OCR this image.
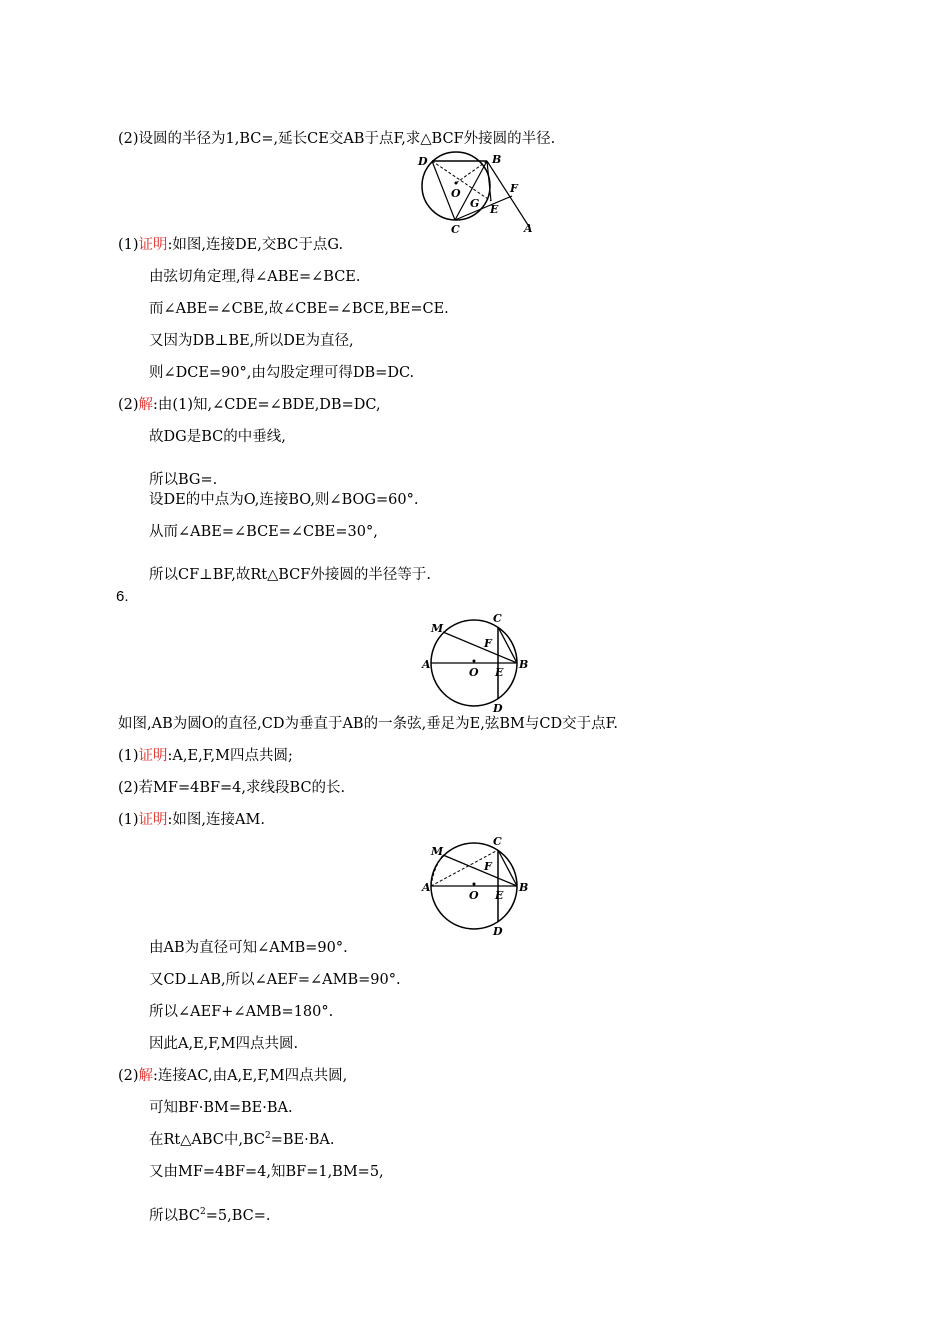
(2)设圆的半径为1,BC=,延长CE交AB于点F,求△BCF外接圆的半径.
D	B
O
G E
F
C	A
(1)证明:如图,连接DE,交BC于点G.
由弦切角定理,得∠ABE=∠BCE.
而∠ABE=∠CBE,故∠CBE=∠BCE,BE=CE.
又因为DB⊥BE,所以DE为直径,
则∠DCE=90°,由勾股定理可得DB=DC.
(2)解:由(1)知,∠CDE=∠BDE,DB=DC,
故DG是BC的中垂线,
所以BG=.
设DE的中点为O,连接BO,则∠BOG=60°.
从而∠ABE=∠BCE=∠CBE=30°,
所以CF⊥BF,故Rt△BCF外接圆的半径等于.
6.
M
C
F
A
O E
B
D
如图,AB为圆O的直径,CD为垂直于AB的一条弦,垂足为E,弦BM与CD交于点F.
(1)证明:A,E,F,M四点共圆;
(2)若MF=4BF=4,求线段BC的长.
(1)证明:如图,连接AM.
M
C
F
A
O E
B
D
由AB为直径可知∠AMB=90°.
又CD⊥AB,所以∠AEF=∠AMB=90°.
所以∠AEF+∠AMB=180°.
因此A,E,F,M四点共圆.
(2)解:连接AC,由A,E,F,M四点共圆,
可知BF·BM=BE·BA.
在Rt△ABC中$,BC^2=BE\cdot BA$.
又由MF=4BF=4,知BF=1,BM=5,
所以$BC^2=5,BC=$.
